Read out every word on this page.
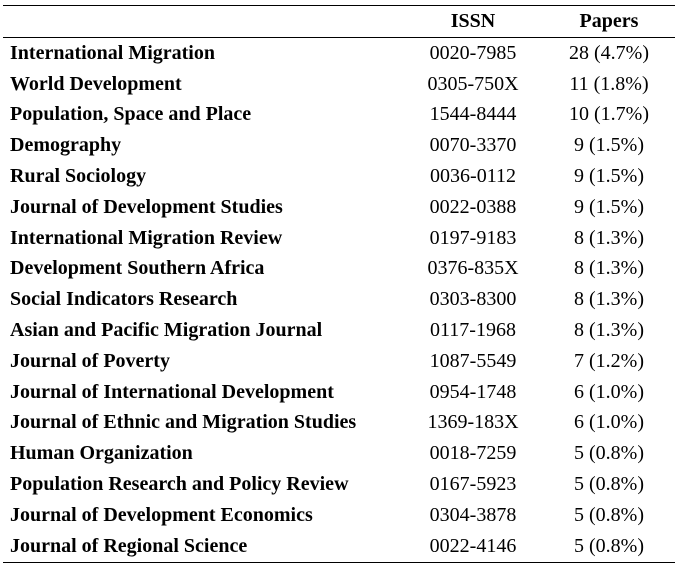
	ISSN	Papers
International Migration	0020-7985	28 (4.7%)
World Development	0305-750X	11 (1.8%)
Population, Space and Place	1544-8444	10 (1.7%)
Demography	0070-3370	9 (1.5%)
Rural Sociology	0036-0112	9 (1.5%)
Journal of Development Studies	0022-0388	9 (1.5%)
International Migration Review	0197-9183	8 (1.3%)
Development Southern Africa	0376-835X	8 (1.3%)
Social Indicators Research	0303-8300	8 (1.3%)
Asian and Pacific Migration Journal	0117-1968	8 (1.3%)
Journal of Poverty	1087-5549	7 (1.2%)
Journal of International Development	0954-1748	6 (1.0%)
Journal of Ethnic and Migration Studies	1369-183X	6 (1.0%)
Human Organization	0018-7259	5 (0.8%)
Population Research and Policy Review	0167-5923	5 (0.8%)
Journal of Development Economics	0304-3878	5 (0.8%)
Journal of Regional Science	0022-4146	5 (0.8%)
